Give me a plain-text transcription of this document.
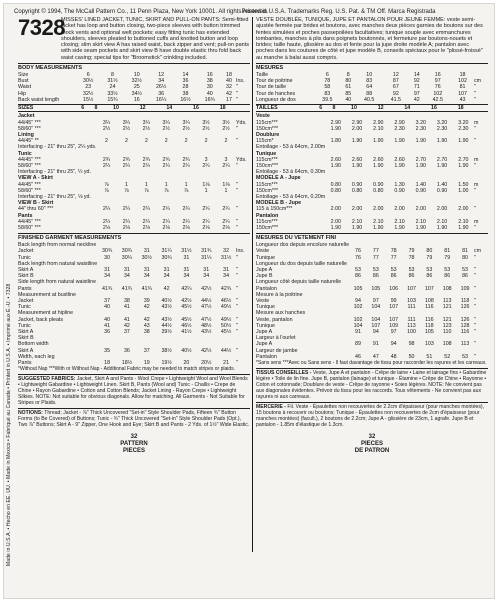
Copyright © 1994, The McCall Pattern Co., 11 Penn Plaza, New York 10001. All rights reserved. Printed in U.S.A. Trademarks Reg. U.S. Pat. & TM Off. Marca Registrada
Made in U.S.A. • Hecho en EE. UU. • Made in Mexico • Fabriqué au Canada • Printed in U.S.A. • Imprimé aux É.-U. • 7328
7328
MISSES' LINED JACKET, TUNIC, SKIRT AND PULL-ON PANTS: Semi-fitted jacket has loop and button closing, two-piece sleeves with button trimmed mock vents and optional welt pockets; easy fitting tunic has extended shoulders, sleeves pleated to buttoned cuffs and knotted button and loop closing; slim skirt view A has raised waist, back zipper and vent; pull-on pants with side seam pockets and skirt view B have double elastic thru fold back waist casing; special tips for "Broomstick" crinkling included.
BODY MEASUREMENTS
Size	6	8	10	12	14	16	18	
Bust	30½	31½	32½	34	36	38	40	Ins.
Waist	23	24	25	26½	28	30	32	"
Hip	32½	33½	34½	36	38	40	42	"
Back waist length	15½	15¾	16	16¼	16½	16¾	17	"
SIZES	6	8	10	12	14	16	18	
Jacket								
44/45" ***	3¼	3¼	3¼	3¼	3¼	3½	3½	Yds.
58/60" ***	2½	2½	2½	2½	2½	2½	2½	"
Lining								
44/45" **	2	2	2	2	2	2	2	"
Interfacing - 21" thru 25", 2¼ yds.								
Tunic								
44/45" ***	2¾	2¾	2¾	2¾	2¾	3	3	Yds.
58/60" ***	2¼	2¼	2¼	2¼	2¼	2¼	2¼	"
Interfacing - 21" thru 25", ¼ yd.								
VIEW A - Skirt								
44/45" ***	⅞	1	1	1	1	1⅛	1⅛	"
58/60" ***	⅞	⅞	⅞	⅞	⅞	1	1	"
Interfacing - 21" thru 25", ⅛ yd.								
VIEW B - Skirt								
44" thru 60" ***	2¼	2¼	2¼	2¼	2¼	2¼	2¼	"
Pants								
44/45" ***	2¼	2¼	2¼	2¼	2¼	2¼	2¼	"
58/60" ***	2⅛	2⅛	2⅛	2⅛	2⅛	2⅛	2⅛	"
FINISHED GARMENT MEASUREMENTS
Back length from normal neckline								
Jacket	30¾	30¾	31	31¼	31½	31¾	32	Ins.
Tunic	30	30¼	30½	30¾	31	31¼	31½	"
Back length from natural waistline								
Skirt A	31	31	31	31	31	31	31	"
Skirt B	34	34	34	34	34	34	34	"
Side length from natural waistline								
Pants	41¾	41¾	41¾	42	42¼	42½	42¾	"
Measurement at bustline								
Jacket	37	38	39	40½	42½	44½	46½	"
Tunic	40	41	42	43½	45½	47½	49½	"
Measurement at hipline								
Jacket, back pleats	40	41	42	43½	45½	47½	49½	"
Tunic	41	42	43	44½	46½	48½	50½	"
Skirt A	36	37	38	39½	41½	43½	45½	"
Skirt B								
Bottom width								
Skirt A	35	36	37	38½	40½	42½	44½	"
Width, each leg								
Pants	18	18½	19	19½	20	20½	21	"
*Without Nap ***With or Without Nap - Additional Fabric may be needed to match stripes or plaids.
SUGGESTED FABRICS: Jacket, Skirt A and Pants - Wool Crepe • Lightweight Wool and Wool Blends • Lightweight Gabardine • Lightweight Linen. Skirt B, Pants (Wool and) Tunic - Challis • Crepe de Chine • Rayon Gabardine • Cotton and Cotton Blends; Jacket Lining - Rayon Crepe • Lightweight Silkies. NOTE: Not suitable for obvious diagonals. Allow for matching. All Garments - Not Suitable for Stripes or Plaids.
NOTIONS: Thread; Jacket - ⅞" Thick Uncovered "Set-in" Style Shoulder Pads, Fifteen ¾" Button Forms (to Be Covered) of Buttons; Tunic - ¾" Thick Uncovered "Set-in" Style Shoulder Pads (Opt.), Two ⅞" Buttons; Skirt A - 9" Zipper, One Hook and Eye; Skirt B and Pants - 2 Yds. of 1½" Wide Elastic.
32
PATTERN
PIECES
VESTE DOUBLÉE, TUNIQUE, JUPE ET PANTALON POUR JEUNE FEMME: veste semi-ajustée fermée par brides et boutons, avec manches deux pièces garnies de boutons sur des fentes simulées et poches passepoilées facultatives; tunique souple avec emmanchures tombantes, manches à plis dans poignets boutonnés, et fermeture par boutons-nouets et brides; taille haute, glissière au dos et fente pour la jupe droite modèle A; pantalon avec poches dans les coutures de côté et jupe modèle B, conseils spéciaux pour le "plissé-froissé" au manche à balai aussi compris.
MESURES
Taille	6	8	10	12	14	16	18	
Tour de poitrine	78	80	83	87	92	97	102	cm
Tour de taille	58	61	64	67	71	76	81	"
Tour de hanches	83	85	88	92	97	102	107	"
Longueur de dos	39.5	40	40.5	41.5	42	42.5	43	"
TAILLES	6	8	10	12	14	16	18	
Veste								
115cm***	2.90	2.90	2.90	2.90	3.20	3.20	3.20	m
150cm***	1.90	2.00	2.10	2.30	2.30	2.30	2.30	"
Doublure								
115cm*	1.80	1.90	1.90	1.90	1.90	1.90	1.90	"
Entoilage - 53 à 64cm, 2.00m								
Tunique								
115cm***	2.60	2.60	2.60	2.60	2.70	2.70	2.70	m
150cm***	1.90	1.90	1.90	1.90	1.90	1.90	1.90	"
Entoilage - 53 à 64cm, 0.30m								
MODELE A - Jupe								
115cm***	0.80	0.90	0.90	1.30	1.40	1.40	1.50	m
150cm***	0.80	0.80	0.80	0.90	0.90	0.90	1.00	"
Entoilage - 53 à 64cm, 0.20m								
MODELE B - Jupe								
115 à 150cm***	2.00	2.00	2.00	2.00	2.00	2.00	2.00	"
Pantalon								
115cm***	2.00	2.10	2.10	2.10	2.10	2.10	2.10	m
150cm***	1.90	1.90	1.90	1.90	1.90	1.90	1.90	"
MESURES DU VETEMENT FINI
Longueur dos depuis encolure naturelle								
Veste	76	77	78	79	80	81	81	cm
Tunique	76	77	77	78	79	79	80	"
Longueur du dos depuis taille naturelle								
Jupe A	53	53	53	53	53	53	53	"
Jupe B	86	86	86	86	86	86	86	"
Longueur côté depuis taille naturelle								
Pantalon	105	105	106	107	107	108	109	"
Mesure à la poitrine								
Veste	94	97	99	103	108	113	118	"
Tunique	102	104	107	111	116	121	126	"
Mesure aux hanches								
Veste, pantalon	102	104	107	111	116	121	126	"
Tunique	104	107	109	113	118	123	128	"
Jupe A	91	94	97	100	105	110	116	"
Largeur à l'ourlet								
Jupe A	89	91	94	98	103	108	113	"
Largeur de jambe								
Pantalon	46	47	48	50	51	52	53	"
*Sans sens ***Avec ou Sans sens - Il faut davantage de tissu pour raccorder les rayures et les carreaux.
TISSUS CONSEILLES - Veste, Jupe A et pantalon - Crêpe de laine • Laine et lainage fins • Gabardine légère • Toile de lin fine. Jupe B, pantalon (lainage) et tunique - Étamine • Crêpe de Chine • Rayonne • Coton et cotonnade; Doublure de veste - Crêpe de rayonne • Soies légères. NOTE: Ne convient pas aux diagonales évidentes. Prévoir du tissu pour les raccords. Tous vêtements - Ne convient pas aux rayures ni aux carreaux.
MERCERIE - Fil. Veste - Épaulettes non recouvertes de 2.2cm d'épaisseur (pour manches montées), 15 boutons à recouvrir ou boutons; Tunique - Épaulettes non recouvertes de 2cm d'épaisseur (pour manches montées) (facult.), 2 boutons de 2.2cm; Jupe A - glissière de 23cm, 1 agrafe. Jupe B et pantalon - 1.85m d'élastique de 1.3cm.
32
PIECES
DE PATRON
